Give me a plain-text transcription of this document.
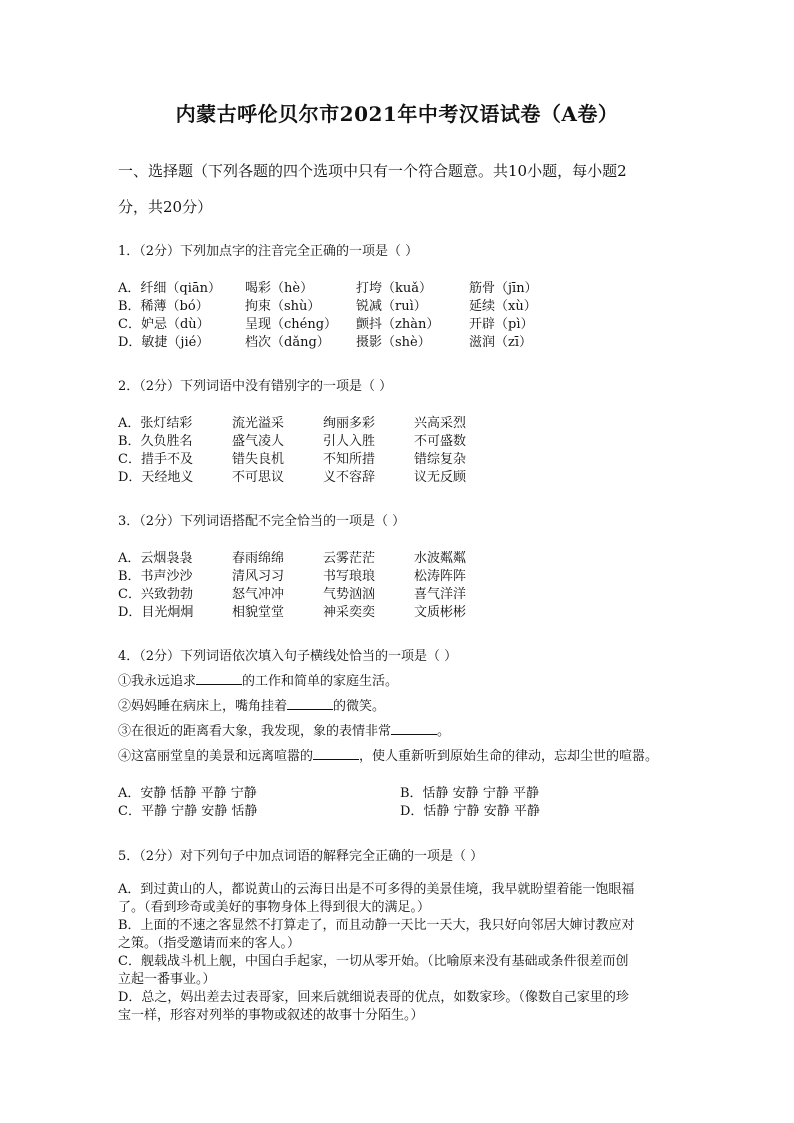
内蒙古呼伦贝尔市2021年中考汉语试卷（A卷）
一、选择题（下列各题的四个选项中只有一个符合题意。共10小题，每小题2
分，共20分）
1．（2分）下列加点字的注音完全正确的一项是（ ）
A．纤细（qiān） 喝彩（hè）	打垮（kuǎ）	筋骨（jīn）
B．稀薄（bó）	拘束（shù）	锐减（ruì）	延续（xù）
C．妒忌（dù）	呈现（chéng） 颤抖（zhàn） 开辟（pì）
D．敏捷（jié）	档次（dǎng） 摄影（shè）	滋润（zī）
2．（2分）下列词语中没有错别字的一项是（ ）
A．张灯结彩	流光溢采	绚丽多彩	兴高采烈
B．久负胜名	盛气凌人	引人入胜	不可盛数
C．措手不及	错失良机	不知所措	错综复杂
D．天经地义	不可思议	义不容辞	议无反顾
3．（2分）下列词语搭配不完全恰当的一项是（ ）
A．云烟袅袅	春雨绵绵	云雾茫茫	水波粼粼
B．书声沙沙	清风习习	书写琅琅	松涛阵阵
C．兴致勃勃	怒气冲冲	气势汹汹	喜气洋洋
D．目光炯炯	相貌堂堂	神采奕奕	文质彬彬
4．（2分）下列词语依次填入句子横线处恰当的一项是（ ）
①我永远追求	的工作和简单的家庭生活。
②妈妈睡在病床上，嘴角挂着	的微笑。
③在很近的距离看大象，我发现，象的表情非常	。
④这富丽堂皇的美景和远离喧嚣的	，使人重新听到原始生命的律动，忘却尘世的喧嚣。
A．安静 恬静 平静 宁静	B．恬静 安静 宁静 平静
C．平静 宁静 安静 恬静	D．恬静 宁静 安静 平静
5．（2分）对下列句子中加点词语的解释完全正确的一项是（ ）
A．到过黄山的人，都说黄山的云海日出是不可多得的美景佳境，我早就盼望着能一饱眼福
了。（看到珍奇或美好的事物身体上得到很大的满足。）
B．上面的不速之客显然不打算走了，而且动静一天比一天大，我只好向邻居大婶讨教应对
之策。（指受邀请而来的客人。）
C．舰载战斗机上舰，中国白手起家，一切从零开始。（比喻原来没有基础或条件很差而创
立起一番事业。）
D．总之，妈出差去过表哥家，回来后就细说表哥的优点，如数家珍。（像数自己家里的珍
宝一样，形容对列举的事物或叙述的故事十分陌生。）
